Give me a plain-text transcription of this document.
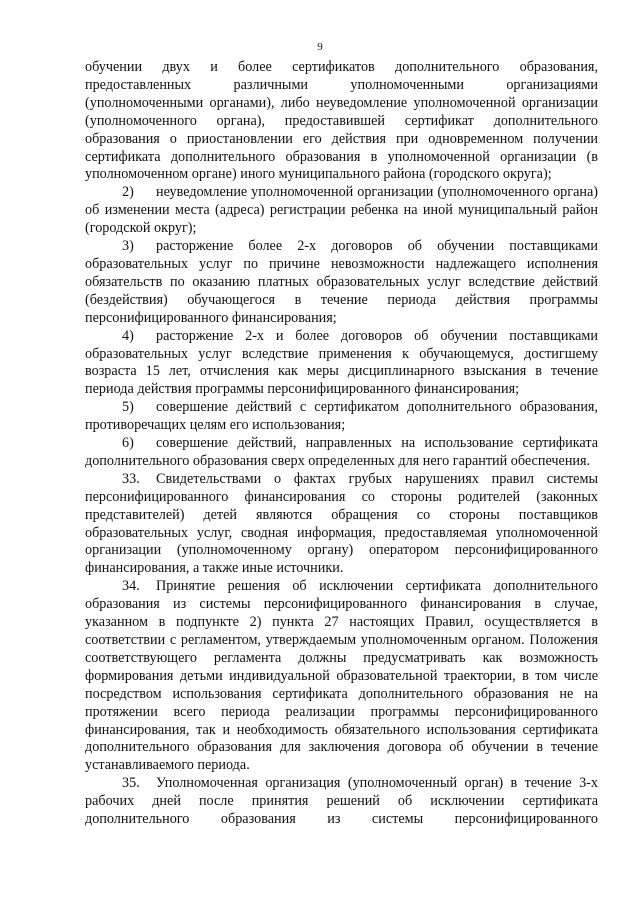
9

обучении двух и более сертификатов дополнительного образования, предоставленных различными уполномоченными организациями (уполномоченными органами), либо неуведомление уполномоченной организации (уполномоченного органа), предоставившей сертификат дополнительного образования о приостановлении его действия при одновременном получении сертификата дополнительного образования в уполномоченной организации (в уполномоченном органе) иного муниципального района (городского округа);

2) неуведомление уполномоченной организации (уполномоченного органа) об изменении места (адреса) регистрации ребенка на иной муниципальный район (городской округ);

3) расторжение более 2-х договоров об обучении поставщиками образовательных услуг по причине невозможности надлежащего исполнения обязательств по оказанию платных образовательных услуг вследствие действий (бездействия) обучающегося в течение периода действия программы персонифицированного финансирования;

4) расторжение 2-х и более договоров об обучении поставщиками образовательных услуг вследствие применения к обучающемуся, достигшему возраста 15 лет, отчисления как меры дисциплинарного взыскания в течение периода действия программы персонифицированного финансирования;

5) совершение действий с сертификатом дополнительного образования, противоречащих целям его использования;

6) совершение действий, направленных на использование сертификата дополнительного образования сверх определенных для него гарантий обеспечения.

33. Свидетельствами о фактах грубых нарушениях правил системы персонифицированного финансирования со стороны родителей (законных представителей) детей являются обращения со стороны поставщиков образовательных услуг, сводная информация, предоставляемая уполномоченной организации (уполномоченному органу) оператором персонифицированного финансирования, а также иные источники.

34. Принятие решения об исключении сертификата дополнительного образования из системы персонифицированного финансирования в случае, указанном в подпункте 2) пункта 27 настоящих Правил, осуществляется в соответствии с регламентом, утверждаемым уполномоченным органом. Положения соответствующего регламента должны предусматривать как возможность формирования детьми индивидуальной образовательной траектории, в том числе посредством использования сертификата дополнительного образования не на протяжении всего периода реализации программы персонифицированного финансирования, так и необходимость обязательного использования сертификата дополнительного образования для заключения договора об обучении в течение устанавливаемого периода.

35. Уполномоченная организация (уполномоченный орган) в течение 3-х рабочих дней после принятия решений об исключении сертификата дополнительного образования из системы персонифицированного
